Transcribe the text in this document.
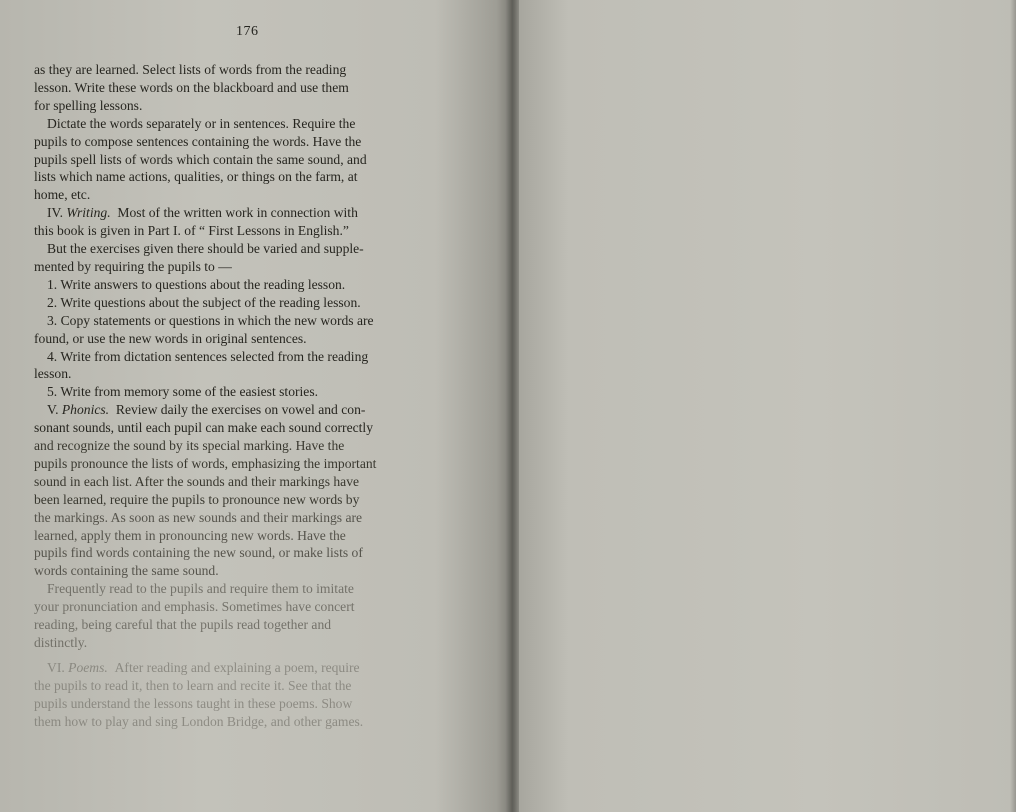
176

as they are learned. Select lists of words from the reading

lesson. Write these words on the blackboard and use them

for spelling lessons.

Dictate the words separately or in sentences. Require the

pupils to compose sentences containing the words. Have the

pupils spell lists of words which contain the same sound, and

lists which name actions, qualities, or things on the farm, at

home, etc.

IV. Writing. Most of the written work in connection with

this book is given in Part I. of “ First Lessons in English.”

But the exercises given there should be varied and supple-

mented by requiring the pupils to —

1. Write answers to questions about the reading lesson.

2. Write questions about the subject of the reading lesson.

3. Copy statements or questions in which the new words are

found, or use the new words in original sentences.

4. Write from dictation sentences selected from the reading

lesson.

5. Write from memory some of the easiest stories.

V. Phonics. Review daily the exercises on vowel and con-

sonant sounds, until each pupil can make each sound correctly

and recognize the sound by its special marking. Have the

pupils pronounce the lists of words, emphasizing the important

sound in each list. After the sounds and their markings have

been learned, require the pupils to pronounce new words by

the markings. As soon as new sounds and their markings are

learned, apply them in pronouncing new words. Have the

pupils find words containing the new sound, or make lists of

words containing the same sound.

Frequently read to the pupils and require them to imitate

your pronunciation and emphasis. Sometimes have concert

reading, being careful that the pupils read together and

distinctly.

VI. Poems. After reading and explaining a poem, require

the pupils to read it, then to learn and recite it. See that the

pupils understand the lessons taught in these poems. Show

them how to play and sing London Bridge, and other games.
